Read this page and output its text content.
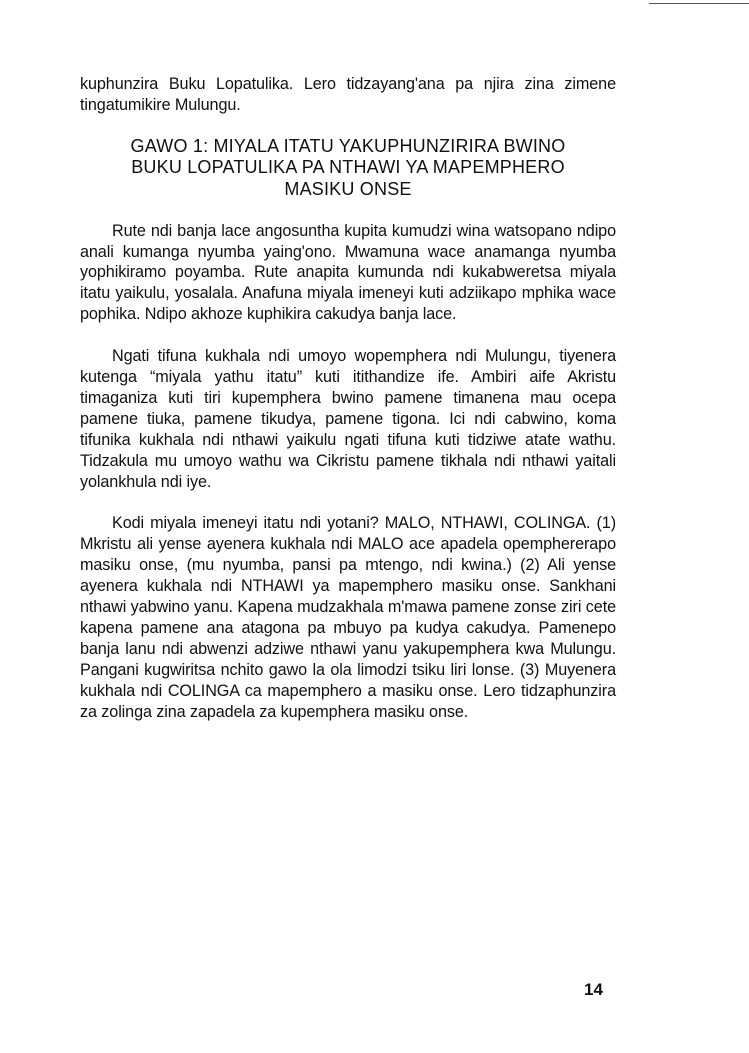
kuphunzira Buku Lopatulika. Lero tidzayang'ana pa njira zina zimene tingatumikire Mulungu.

GAWO 1: MIYALA ITATU YAKUPHUNZIRIRA BWINO
BUKU LOPATULIKA PA NTHAWI YA MAPEMPHERO
MASIKU ONSE

Rute ndi banja lace angosuntha kupita kumudzi wina watsopano ndipo anali kumanga nyumba yaing'ono. Mwamuna wace anamanga nyumba yophikiramo poyamba. Rute anapita kumunda ndi kukabweretsa miyala itatu yaikulu, yosalala. Anafuna miyala imeneyi kuti adziikapo mphika wace pophika. Ndipo akhoze kuphikira cakudya banja lace.

Ngati tifuna kukhala ndi umoyo wopemphera ndi Mulungu, tiyenera kutenga “miyala yathu itatu” kuti itithandize ife. Ambiri aife Akristu timaganiza kuti tiri kupemphera bwino pamene timanena mau ocepa pamene tiuka, pamene tikudya, pamene tigona. Ici ndi cabwino, koma tifunika kukhala ndi nthawi yaikulu ngati tifuna kuti tidziwe atate wathu. Tidzakula mu umoyo wathu wa Cikristu pamene tikhala ndi nthawi yaitali yolankhula ndi iye.

Kodi miyala imeneyi itatu ndi yotani? MALO, NTHAWI, COLINGA. (1) Mkristu ali yense ayenera kukhala ndi MALO ace apadela opemphererapo masiku onse, (mu nyumba, pansi pa mtengo, ndi kwina.) (2) Ali yense ayenera kukhala ndi NTHAWI ya mapemphero masiku onse. Sankhani nthawi yabwino yanu. Kapena mudzakhala m'mawa pamene zonse ziri cete kapena pamene ana atagona pa mbuyo pa kudya cakudya. Pamenepo banja lanu ndi abwenzi adziwe nthawi yanu yakupemphera kwa Mulungu. Pangani kugwiritsa nchito gawo la ola limodzi tsiku liri lonse. (3) Muyenera kukhala ndi COLINGA ca mapemphero a masiku onse. Lero tidzaphunzira za zolinga zina zapadela za kupemphera masiku onse.

14
